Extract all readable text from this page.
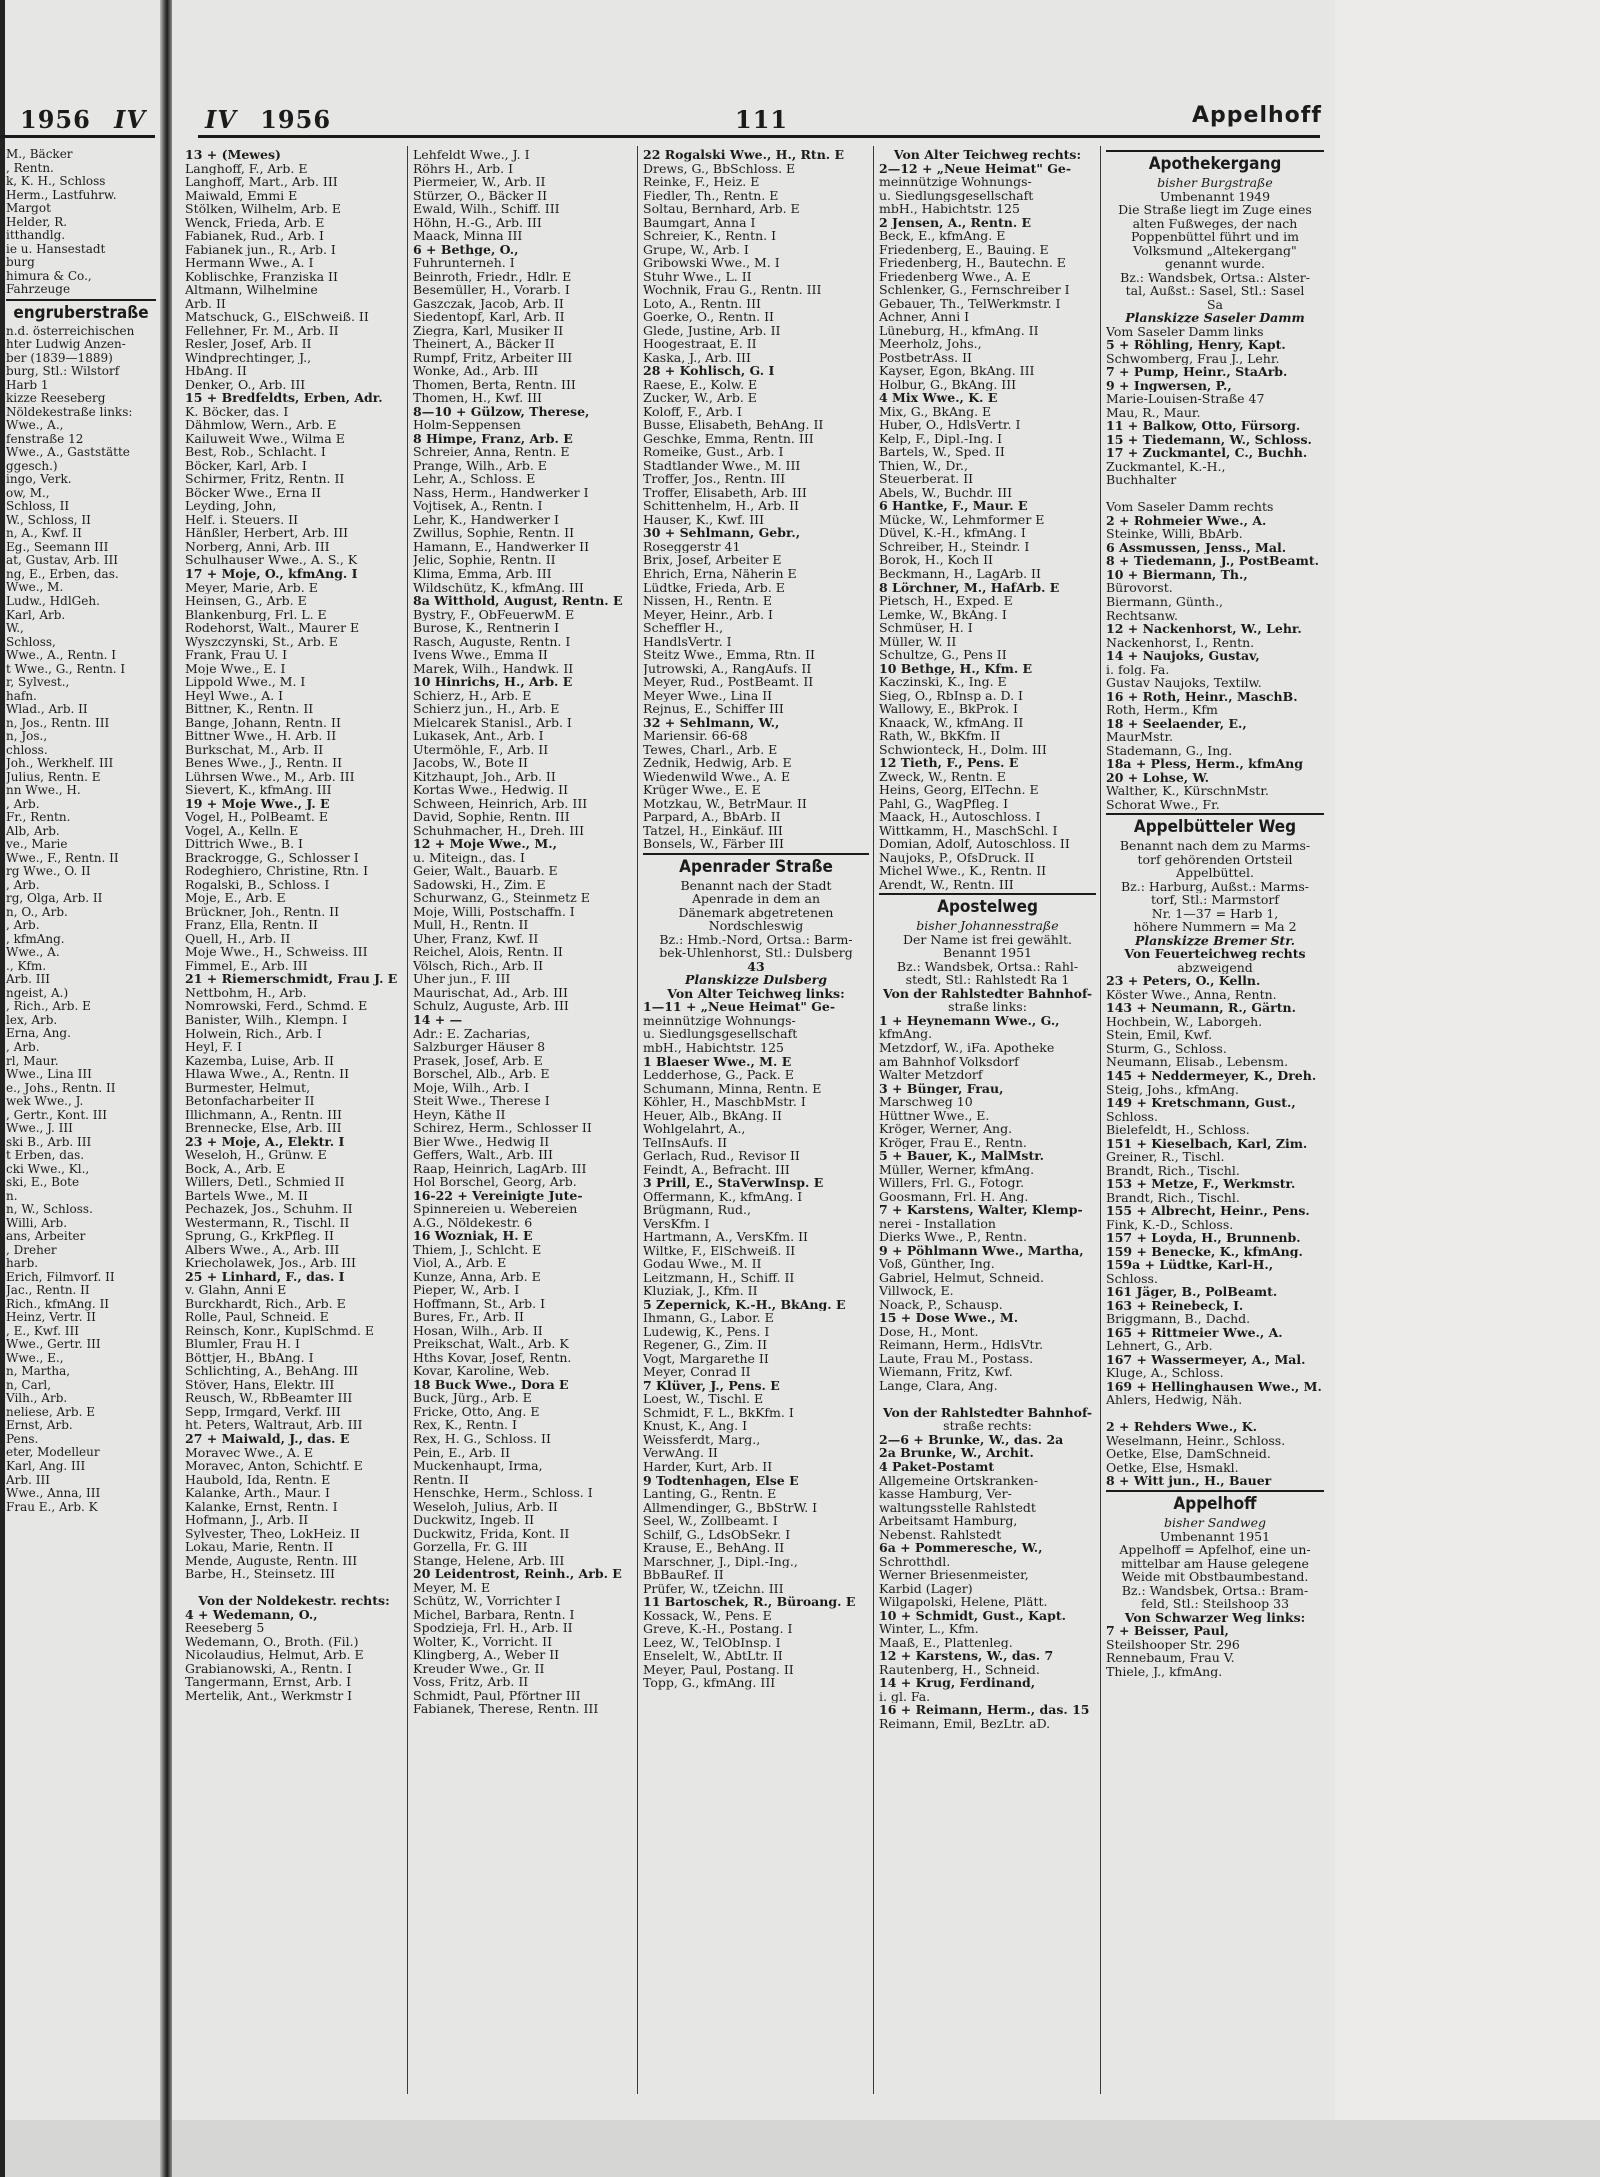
1956 IV IV 1956	111	Appelhoff
M., Bäcker
, Rentn.
k, K. H., Schloss
Herm., Lastfuhrw.
Margot
Helder, R.
itthandlg.
ie u. Hansestadt
burg
himura & Co.,
Fahrzeuge
engruberstraße
n.d. österreichischen
hter Ludwig Anzen-
ber (1839—1889)
burg, Stl.: Wilstorf
Harb 1
kizze Reeseberg
Nöldekestraße links:
Wwe., A.,
fenstraße 12
Wwe., A., Gaststätte
ggesch.)
ingo, Verk.
ow, M.,
Schloss, II
W., Schloss, II
n, A., Kwf. II
Eg., Seemann III
at, Gustav, Arb. III
ng, E., Erben, das.
Wwe., M.
Ludw., HdlGeh.
Karl, Arb.
W.,
Schloss,
Wwe., A., Rentn. I
t Wwe., G., Rentn. I
r, Sylvest.,
hafn.
Wlad., Arb. II
n, Jos., Rentn. III
n, Jos.,
chloss.
Joh., Werkhelf. III
Julius, Rentn. E
nn Wwe., H.
, Arb.
Fr., Rentn.
Alb, Arb.
ve., Marie
Wwe., F., Rentn. II
rg Wwe., O. II
, Arb.
rg, Olga, Arb. II
n, O., Arb.
, Arb.
, kfmAng.
Wwe., A.
., Kfm.
Arb. III
ngeist, A.)
, Rich., Arb. E
lex, Arb.
Erna, Ang.
, Arb.
rl, Maur.
Wwe., Lina III
e., Johs., Rentn. II
wek Wwe., J.
, Gertr., Kont. III
Wwe., J. III
ski B., Arb. III
t Erben, das.
cki Wwe., Kl.,
ski, E., Bote
n.
n, W., Schloss.
Willi, Arb.
ans, Arbeiter
, Dreher
harb.
Erich, Filmvorf. II
Jac., Rentn. II
Rich., kfmAng. II
Heinz, Vertr. II
, E., Kwf. III
Wwe., Gertr. III
Wwe., E.,
n, Martha,
n, Carl,
Vilh., Arb.
neliese, Arb. E
Ernst, Arb.
Pens.
eter, Modelleur
Karl, Ang. III
Arb. III
Wwe., Anna, III
Frau E., Arb. K
13 + (Mewes)
Langhoff, F., Arb. E
Langhoff, Mart., Arb. III
Maiwald, Emmi E
Stölken, Wilhelm, Arb. E
Wenck, Frieda, Arb. E
Fabianek, Rud., Arb. I
Fabianek jun., R., Arb. I
Hermann Wwe., A. I
Koblischke, Franziska II
Altmann, Wilhelmine
Arb. II
Matschuck, G., ElSchweiß. II
Fellehner, Fr. M., Arb. II
Resler, Josef, Arb. II
Windprechtinger, J.,
HbAng. II
Denker, O., Arb. III
15 + Bredfeldts, Erben, Adr.
K. Böcker, das. I
Dähmlow, Wern., Arb. E
Kailuweit Wwe., Wilma E
Best, Rob., Schlacht. I
Böcker, Karl, Arb. I
Schirmer, Fritz, Rentn. II
Böcker Wwe., Erna II
Leyding, John,
Helf. i. Steuers. II
Hänßler, Herbert, Arb. III
Norberg, Anni, Arb. III
Schulhauser Wwe., A. S., K
17 + Moje, O., kfmAng. I
Meyer, Marie, Arb. E
Heinsen, G., Arb. E
Blankenburg, Frl. L. E
Rodehorst, Walt., Maurer E
Wyszczynski, St., Arb. E
Frank, Frau U. I
Moje Wwe., E. I
Lippold Wwe., M. I
Heyl Wwe., A. I
Bittner, K., Rentn. II
Bange, Johann, Rentn. II
Bittner Wwe., H. Arb. II
Burkschat, M., Arb. II
Benes Wwe., J., Rentn. II
Lührsen Wwe., M., Arb. III
Sievert, K., kfmAng. III
19 + Moje Wwe., J. E
Vogel, H., PolBeamt. E
Vogel, A., Kelln. E
Dittrich Wwe., B. I
Brackrogge, G., Schlosser I
Rodeghiero, Christine, Rtn. I
Rogalski, B., Schloss. I
Moje, E., Arb. E
Brückner, Joh., Rentn. II
Franz, Ella, Rentn. II
Quell, H., Arb. II
Moje Wwe., H., Schweiss. III
Fimmel, E., Arb. III
21 + Riemerschmidt, Frau J. E
Nettbohm, H., Arb.
Nomrowski, Ferd., Schmd. E
Banister, Wilh., Klempn. I
Holwein, Rich., Arb. I
Heyl, F. I
Kazemba, Luise, Arb. II
Hlawa Wwe., A., Rentn. II
Burmester, Helmut,
Betonfacharbeiter II
Illichmann, A., Rentn. III
Brennecke, Else, Arb. III
23 + Moje, A., Elektr. I
Weseloh, H., Grünw. E
Bock, A., Arb. E
Willers, Detl., Schmied II
Bartels Wwe., M. II
Pechazek, Jos., Schuhm. II
Westermann, R., Tischl. II
Sprung, G., KrkPfleg. II
Albers Wwe., A., Arb. III
Kriecholawek, Jos., Arb. III
25 + Linhard, F., das. I
v. Glahn, Anni E
Burckhardt, Rich., Arb. E
Rolle, Paul, Schneid. E
Reinsch, Konr., KuplSchmd. E
Blumler, Frau H. I
Böttjer, H., BbAng. I
Schlichting, A., BehAng. III
Stöver, Hans, Elektr. III
Reusch, W., RbBeamter III
Sepp, Irmgard, Verkf. III
ht. Peters, Waltraut, Arb. III
27 + Maiwald, J., das. E
Moravec Wwe., A. E
Moravec, Anton, Schichtf. E
Haubold, Ida, Rentn. E
Kalanke, Arth., Maur. I
Kalanke, Ernst, Rentn. I
Hofmann, J., Arb. II
Sylvester, Theo, LokHeiz. II
Lokau, Marie, Rentn. II
Mende, Auguste, Rentn. III
Barbe, H., Steinsetz. III
Von der Noldekestr. rechts:
4 + Wedemann, O.,
Reeseberg 5
Wedemann, O., Broth. (Fil.)
Nicolaudius, Helmut, Arb. E
Grabianowski, A., Rentn. I
Tangermann, Ernst, Arb. I
Mertelik, Ant., Werkmstr I
Lehfeldt Wwe., J. I
Röhrs H., Arb. I
Piermeier, W., Arb. II
Stürzer, O., Bäcker II
Ewald, Wilh., Schiff. III
Höhn, H.-G., Arb. III
Maack, Minna III
6 + Bethge, O.,
Fuhrunterneh. I
Beinroth, Friedr., Hdlr. E
Besemüller, H., Vorarb. I
Gaszczak, Jacob, Arb. II
Siedentopf, Karl, Arb. II
Ziegra, Karl, Musiker II
Theinert, A., Bäcker II
Rumpf, Fritz, Arbeiter III
Wonke, Ad., Arb. III
Thomen, Berta, Rentn. III
Thomen, H., Kwf. III
8—10 + Gülzow, Therese,
Holm-Seppensen
8 Himpe, Franz, Arb. E
Schreier, Anna, Rentn. E
Prange, Wilh., Arb. E
Lehr, A., Schloss. E
Nass, Herm., Handwerker I
Vojtisek, A., Rentn. I
Lehr, K., Handwerker I
Zwillus, Sophie, Rentn. II
Hamann, E., Handwerker II
Jelic, Sophie, Rentn. II
Klima, Emma, Arb. III
Wildschütz, K., kfmAng. III
8a Witthold, August, Rentn. E
Bystry, F., ObFeuerwM. E
Burose, K., Rentnerin I
Rasch, Auguste, Rentn. I
Ivens Wwe., Emma II
Marek, Wilh., Handwk. II
10 Hinrichs, H., Arb. E
Schierz, H., Arb. E
Schierz jun., H., Arb. E
Mielcarek Stanisl., Arb. I
Lukasek, Ant., Arb. I
Utermöhle, F., Arb. II
Jacobs, W., Bote II
Kitzhaupt, Joh., Arb. II
Kortas Wwe., Hedwig. II
Schween, Heinrich, Arb. III
David, Sophie, Rentn. III
Schuhmacher, H., Dreh. III
12 + Moje Wwe., M.,
u. Miteign., das. I
Geier, Walt., Bauarb. E
Sadowski, H., Zim. E
Schurwanz, G., Steinmetz E
Moje, Willi, Postschaffn. I
Mull, H., Rentn. II
Uher, Franz, Kwf. II
Reichel, Alois, Rentn. II
Völsch, Rich., Arb. II
Uher jun., F. III
Maurischat, Ad., Arb. III
Schulz, Auguste, Arb. III
14 + —
Adr.: E. Zacharias,
Salzburger Häuser 8
Prasek, Josef, Arb. E
Borschel, Alb., Arb. E
Moje, Wilh., Arb. I
Steit Wwe., Therese I
Heyn, Käthe II
Schirez, Herm., Schlosser II
Bier Wwe., Hedwig II
Geffers, Walt., Arb. III
Raap, Heinrich, LagArb. III
Hol Borschel, Georg, Arb.
16-22 + Vereinigte Jute-
Spinnereien u. Webereien
A.G., Nöldekestr. 6
16 Wozniak, H. E
Thiem, J., Schlcht. E
Viol, A., Arb. E
Kunze, Anna, Arb. E
Pieper, W., Arb. I
Hoffmann, St., Arb. I
Bures, Fr., Arb. II
Hosan, Wilh., Arb. II
Preikschat, Walt., Arb. K
Hths Kovar, Josef, Rentn.
Kovar, Karoline, Web.
18 Buck Wwe., Dora E
Buck, Jürg., Arb. E
Fricke, Otto, Ang. E
Rex, K., Rentn. I
Rex, H. G., Schloss. II
Pein, E., Arb. II
Muckenhaupt, Irma,
Rentn. II
Henschke, Herm., Schloss. I
Weseloh, Julius, Arb. II
Duckwitz, Ingeb. II
Duckwitz, Frida, Kont. II
Gorzella, Fr. G. III
Stange, Helene, Arb. III
20 Leidentrost, Reinh., Arb. E
Meyer, M. E
Schütz, W., Vorrichter I
Michel, Barbara, Rentn. I
Spodzieja, Frl. H., Arb. II
Wolter, K., Vorricht. II
Klingberg, A., Weber II
Kreuder Wwe., Gr. II
Voss, Fritz, Arb. II
Schmidt, Paul, Pförtner III
Fabianek, Therese, Rentn. III
22 Rogalski Wwe., H., Rtn. E
Drews, G., BbSchloss. E
Reinke, F., Heiz. E
Fiedler, Th., Rentn. E
Soltau, Bernhard, Arb. E
Baumgart, Anna I
Schreier, K., Rentn. I
Grupe, W., Arb. I
Gribowski Wwe., M. I
Stuhr Wwe., L. II
Wochnik, Frau G., Rentn. III
Loto, A., Rentn. III
Goerke, O., Rentn. II
Glede, Justine, Arb. II
Hoogestraat, E. II
Kaska, J., Arb. III
28 + Kohlisch, G. I
Raese, E., Kolw. E
Zucker, W., Arb. E
Koloff, F., Arb. I
Busse, Elisabeth, BehAng. II
Geschke, Emma, Rentn. III
Romeike, Gust., Arb. I
Stadtlander Wwe., M. III
Troffer, Jos., Rentn. III
Troffer, Elisabeth, Arb. III
Schittenhelm, H., Arb. II
Hauser, K., Kwf. III
30 + Sehlmann, Gebr.,
Roseggerstr 41
Brix, Josef, Arbeiter E
Ehrich, Erna, Näherin E
Lüdtke, Frieda, Arb. E
Nissen, H., Rentn. E
Meyer, Heinr., Arb. I
Scheffler H.,
HandlsVertr. I
Steitz Wwe., Emma, Rtn. II
Jutrowski, A., RangAufs. II
Meyer, Rud., PostBeamt. II
Meyer Wwe., Lina II
Rejnus, E., Schiffer III
32 + Sehlmann, W.,
Mariensir. 66-68
Tewes, Charl., Arb. E
Zednik, Hedwig, Arb. E
Wiedenwild Wwe., A. E
Krüger Wwe., E. E
Motzkau, W., BetrMaur. II
Parpard, A., BbArb. II
Tatzel, H., Einkäuf. III
Bonsels, W., Färber III
Apenrader Straße
Benannt nach der Stadt
Apenrade in dem an
Dänemark abgetretenen
Nordschleswig
Bz.: Hmb.-Nord, Ortsa.: Barm-
bek-Uhlenhorst, Stl.: Dulsberg
43
Planskizze Dulsberg
Von Alter Teichweg links:
1—11 + „Neue Heimat" Ge-
meinnützige Wohnungs-
u. Siedlungsgesellschaft
mbH., Habichtstr. 125
1 Blaeser Wwe., M. E
Ledderhose, G., Pack. E
Schumann, Minna, Rentn. E
Köhler, H., MaschbMstr. I
Heuer, Alb., BkAng. II
Wohlgelahrt, A.,
TelInsAufs. II
Gerlach, Rud., Revisor II
Feindt, A., Befracht. III
3 Prill, E., StaVerwInsp. E
Offermann, K., kfmAng. I
Brügmann, Rud.,
VersKfm. I
Hartmann, A., VersKfm. II
Wiltke, F., ElSchweiß. II
Godau Wwe., M. II
Leitzmann, H., Schiff. II
Kluziak, J., Kfm. II
5 Zepernick, K.-H., BkAng. E
Ihmann, G., Labor. E
Ludewig, K., Pens. I
Regener, G., Zim. II
Vogt, Margarethe II
Meyer, Conrad II
7 Klüver, J., Pens. E
Loest, W., Tischl. E
Schmidt, F. L., BkKfm. I
Knust, K., Ang. I
Weissferdt, Marg.,
VerwAng. II
Harder, Kurt, Arb. II
9 Todtenhagen, Else E
Lanting, G., Rentn. E
Allmendinger, G., BbStrW. I
Seel, W., Zollbeamt. I
Schilf, G., LdsObSekr. I
Krause, E., BehAng. II
Marschner, J., Dipl.-Ing.,
BbBauRef. II
Prüfer, W., tZeichn. III
11 Bartoschek, R., Büroang. E
Kossack, W., Pens. E
Greve, K.-H., Postang. I
Leez, W., TelObInsp. I
Enselelt, W., AbtLtr. II
Meyer, Paul, Postang. II
Topp, G., kfmAng. III
Von Alter Teichweg rechts:
2—12 + „Neue Heimat" Ge-
meinnützige Wohnungs-
u. Siedlungsgesellschaft
mbH., Habichtstr. 125
2 Jensen, A., Rentn. E
Beck, E., kfmAng. E
Friedenberg, E., Bauing. E
Friedenberg, H., Bautechn. E
Friedenberg Wwe., A. E
Schlenker, G., Fernschreiber I
Gebauer, Th., TelWerkmstr. I
Achner, Anni I
Lüneburg, H., kfmAng. II
Meerholz, Johs.,
PostbetrAss. II
Kayser, Egon, BkAng. III
Holbur, G., BkAng. III
4 Mix Wwe., K. E
Mix, G., BkAng. E
Huber, O., HdlsVertr. I
Kelp, F., Dipl.-Ing. I
Bartels, W., Sped. II
Thien, W., Dr.,
Steuerberat. II
Abels, W., Buchdr. III
6 Hantke, F., Maur. E
Mücke, W., Lehmformer E
Düvel, K.-H., kfmAng. I
Schreiber, H., Steindr. I
Borok, H., Koch II
Beckmann, H., LagArb. II
8 Lörchner, M., HafArb. E
Pietsch, H., Exped. E
Lemke, W., BkAng. I
Schmüser, H. I
Müller, W. II
Schultze, G., Pens II
10 Bethge, H., Kfm. E
Kaczinski, K., Ing. E
Sieg, O., RbInsp a. D. I
Wallowy, E., BkProk. I
Knaack, W., kfmAng. II
Rath, W., BkKfm. II
Schwionteck, H., Dolm. III
12 Tieth, F., Pens. E
Zweck, W., Rentn. E
Heins, Georg, ElTechn. E
Pahl, G., WagPfleg. I
Maack, H., Autoschloss. I
Wittkamm, H., MaschSchl. I
Domian, Adolf, Autoschloss. II
Naujoks, P., OfsDruck. II
Michel Wwe., K., Rentn. II
Arendt, W., Rentn. III
Apostelweg
bisher Johannesstraße
Der Name ist frei gewählt.
Benannt 1951
Bz.: Wandsbek, Ortsa.: Rahl-
stedt, Stl.: Rahlstedt Ra 1
Von der Rahlstedter Bahnhof-
straße links:
1 + Heynemann Wwe., G.,
kfmAng.
Metzdorf, W., iFa. Apotheke
am Bahnhof Volksdorf
Walter Metzdorf
3 + Bünger, Frau,
Marschweg 10
Hüttner Wwe., E.
Kröger, Werner, Ang.
Kröger, Frau E., Rentn.
5 + Bauer, K., MalMstr.
Müller, Werner, kfmAng.
Willers, Frl. G., Fotogr.
Goosmann, Frl. H. Ang.
7 + Karstens, Walter, Klemp-
nerei - Installation
Dierks Wwe., P., Rentn.
9 + Pöhlmann Wwe., Martha,
Voß, Günther, Ing.
Gabriel, Helmut, Schneid.
Villwock, E.
Noack, P., Schausp.
15 + Dose Wwe., M.
Dose, H., Mont.
Reimann, Herm., HdlsVtr.
Laute, Frau M., Postass.
Wiemann, Fritz, Kwf.
Lange, Clara, Ang.
Von der Rahlstedter Bahnhof-
straße rechts:
2—6 + Brunke, W., das. 2a
2a Brunke, W., Archit.
4 Paket-Postamt
Allgemeine Ortskranken-
kasse Hamburg, Ver-
waltungsstelle Rahlstedt
Arbeitsamt Hamburg,
Nebenst. Rahlstedt
6a + Pommeresche, W.,
Schrotthdl.
Werner Briesenmeister,
Karbid (Lager)
Wilgapolski, Helene, Plätt.
10 + Schmidt, Gust., Kapt.
Winter, L., Kfm.
Maaß, E., Plattenleg.
12 + Karstens, W., das. 7
Rautenberg, H., Schneid.
14 + Krug, Ferdinand,
i. gl. Fa.
16 + Reimann, Herm., das. 15
Reimann, Emil, BezLtr. aD.
Apothekergang
bisher Burgstraße
Umbenannt 1949
Die Straße liegt im Zuge eines
alten Fußweges, der nach
Poppenbüttel führt und im
Volksmund „Altekergang"
genannt wurde.
Bz.: Wandsbek, Ortsa.: Alster-
tal, Außst.: Sasel, Stl.: Sasel
Sa
Planskizze Saseler Damm
Vom Saseler Damm links
5 + Röhling, Henry, Kapt.
Schwomberg, Frau J., Lehr.
7 + Pump, Heinr., StaArb.
9 + Ingwersen, P.,
Marie-Louisen-Straße 47
Mau, R., Maur.
11 + Balkow, Otto, Fürsorg.
15 + Tiedemann, W., Schloss.
17 + Zuckmantel, C., Buchh.
Zuckmantel, K.-H.,
Buchhalter
Vom Saseler Damm rechts
2 + Rohmeier Wwe., A.
Steinke, Willi, BbArb.
6 Assmussen, Jenss., Mal.
8 + Tiedemann, J., PostBeamt.
10 + Biermann, Th.,
Bürovorst.
Biermann, Günth.,
Rechtsanw.
12 + Nackenhorst, W., Lehr.
Nackenhorst, I., Rentn.
14 + Naujoks, Gustav,
i. folg. Fa.
Gustav Naujoks, Textilw.
16 + Roth, Heinr., MaschB.
Roth, Herm., Kfm
18 + Seelaender, E.,
MaurMstr.
Stademann, G., Ing.
18a + Pless, Herm., kfmAng
20 + Lohse, W.
Walther, K., KürschnMstr.
Schorat Wwe., Fr.
Appelbütteler Weg
Benannt nach dem zu Marms-
torf gehörenden Ortsteil
Appelbüttel.
Bz.: Harburg, Außst.: Marms-
torf, Stl.: Marmstorf
Nr. 1—37 = Harb 1,
höhere Nummern = Ma 2
Planskizze Bremer Str.
Von Feuerteichweg rechts
abzweigend
23 + Peters, O., Kelln.
Köster Wwe., Anna, Rentn.
143 + Neumann, R., Gärtn.
Hochbein, W., Laborgeh.
Stein, Emil, Kwf.
Sturm, G., Schloss.
Neumann, Elisab., Lebensm.
145 + Neddermeyer, K., Dreh.
Steig, Johs., kfmAng.
149 + Kretschmann, Gust.,
Schloss.
Bielefeldt, H., Schloss.
151 + Kieselbach, Karl, Zim.
Greiner, R., Tischl.
Brandt, Rich., Tischl.
153 + Metze, F., Werkmstr.
Brandt, Rich., Tischl.
155 + Albrecht, Heinr., Pens.
Fink, K.-D., Schloss.
157 + Loyda, H., Brunnenb.
159 + Benecke, K., kfmAng.
159a + Lüdtke, Karl-H.,
Schloss.
161 Jäger, B., PolBeamt.
163 + Reinebeck, I.
Briggmann, B., Dachd.
165 + Rittmeier Wwe., A.
Lehnert, G., Arb.
167 + Wassermeyer, A., Mal.
Kluge, A., Schloss.
169 + Hellinghausen Wwe., M.
Ahlers, Hedwig, Näh.
2 + Rehders Wwe., K.
Weselmann, Heinr., Schloss.
Oetke, Else, DamSchneid.
Oetke, Else, Hsmakl.
8 + Witt jun., H., Bauer
Appelhoff
bisher Sandweg
Umbenannt 1951
Appelhoff = Apfelhof, eine un-
mittelbar am Hause gelegene
Weide mit Obstbaumbestand.
Bz.: Wandsbek, Ortsa.: Bram-
feld, Stl.: Steilshoop 33
Von Schwarzer Weg links:
7 + Beisser, Paul,
Steilshooper Str. 296
Rennebaum, Frau V.
Thiele, J., kfmAng.
